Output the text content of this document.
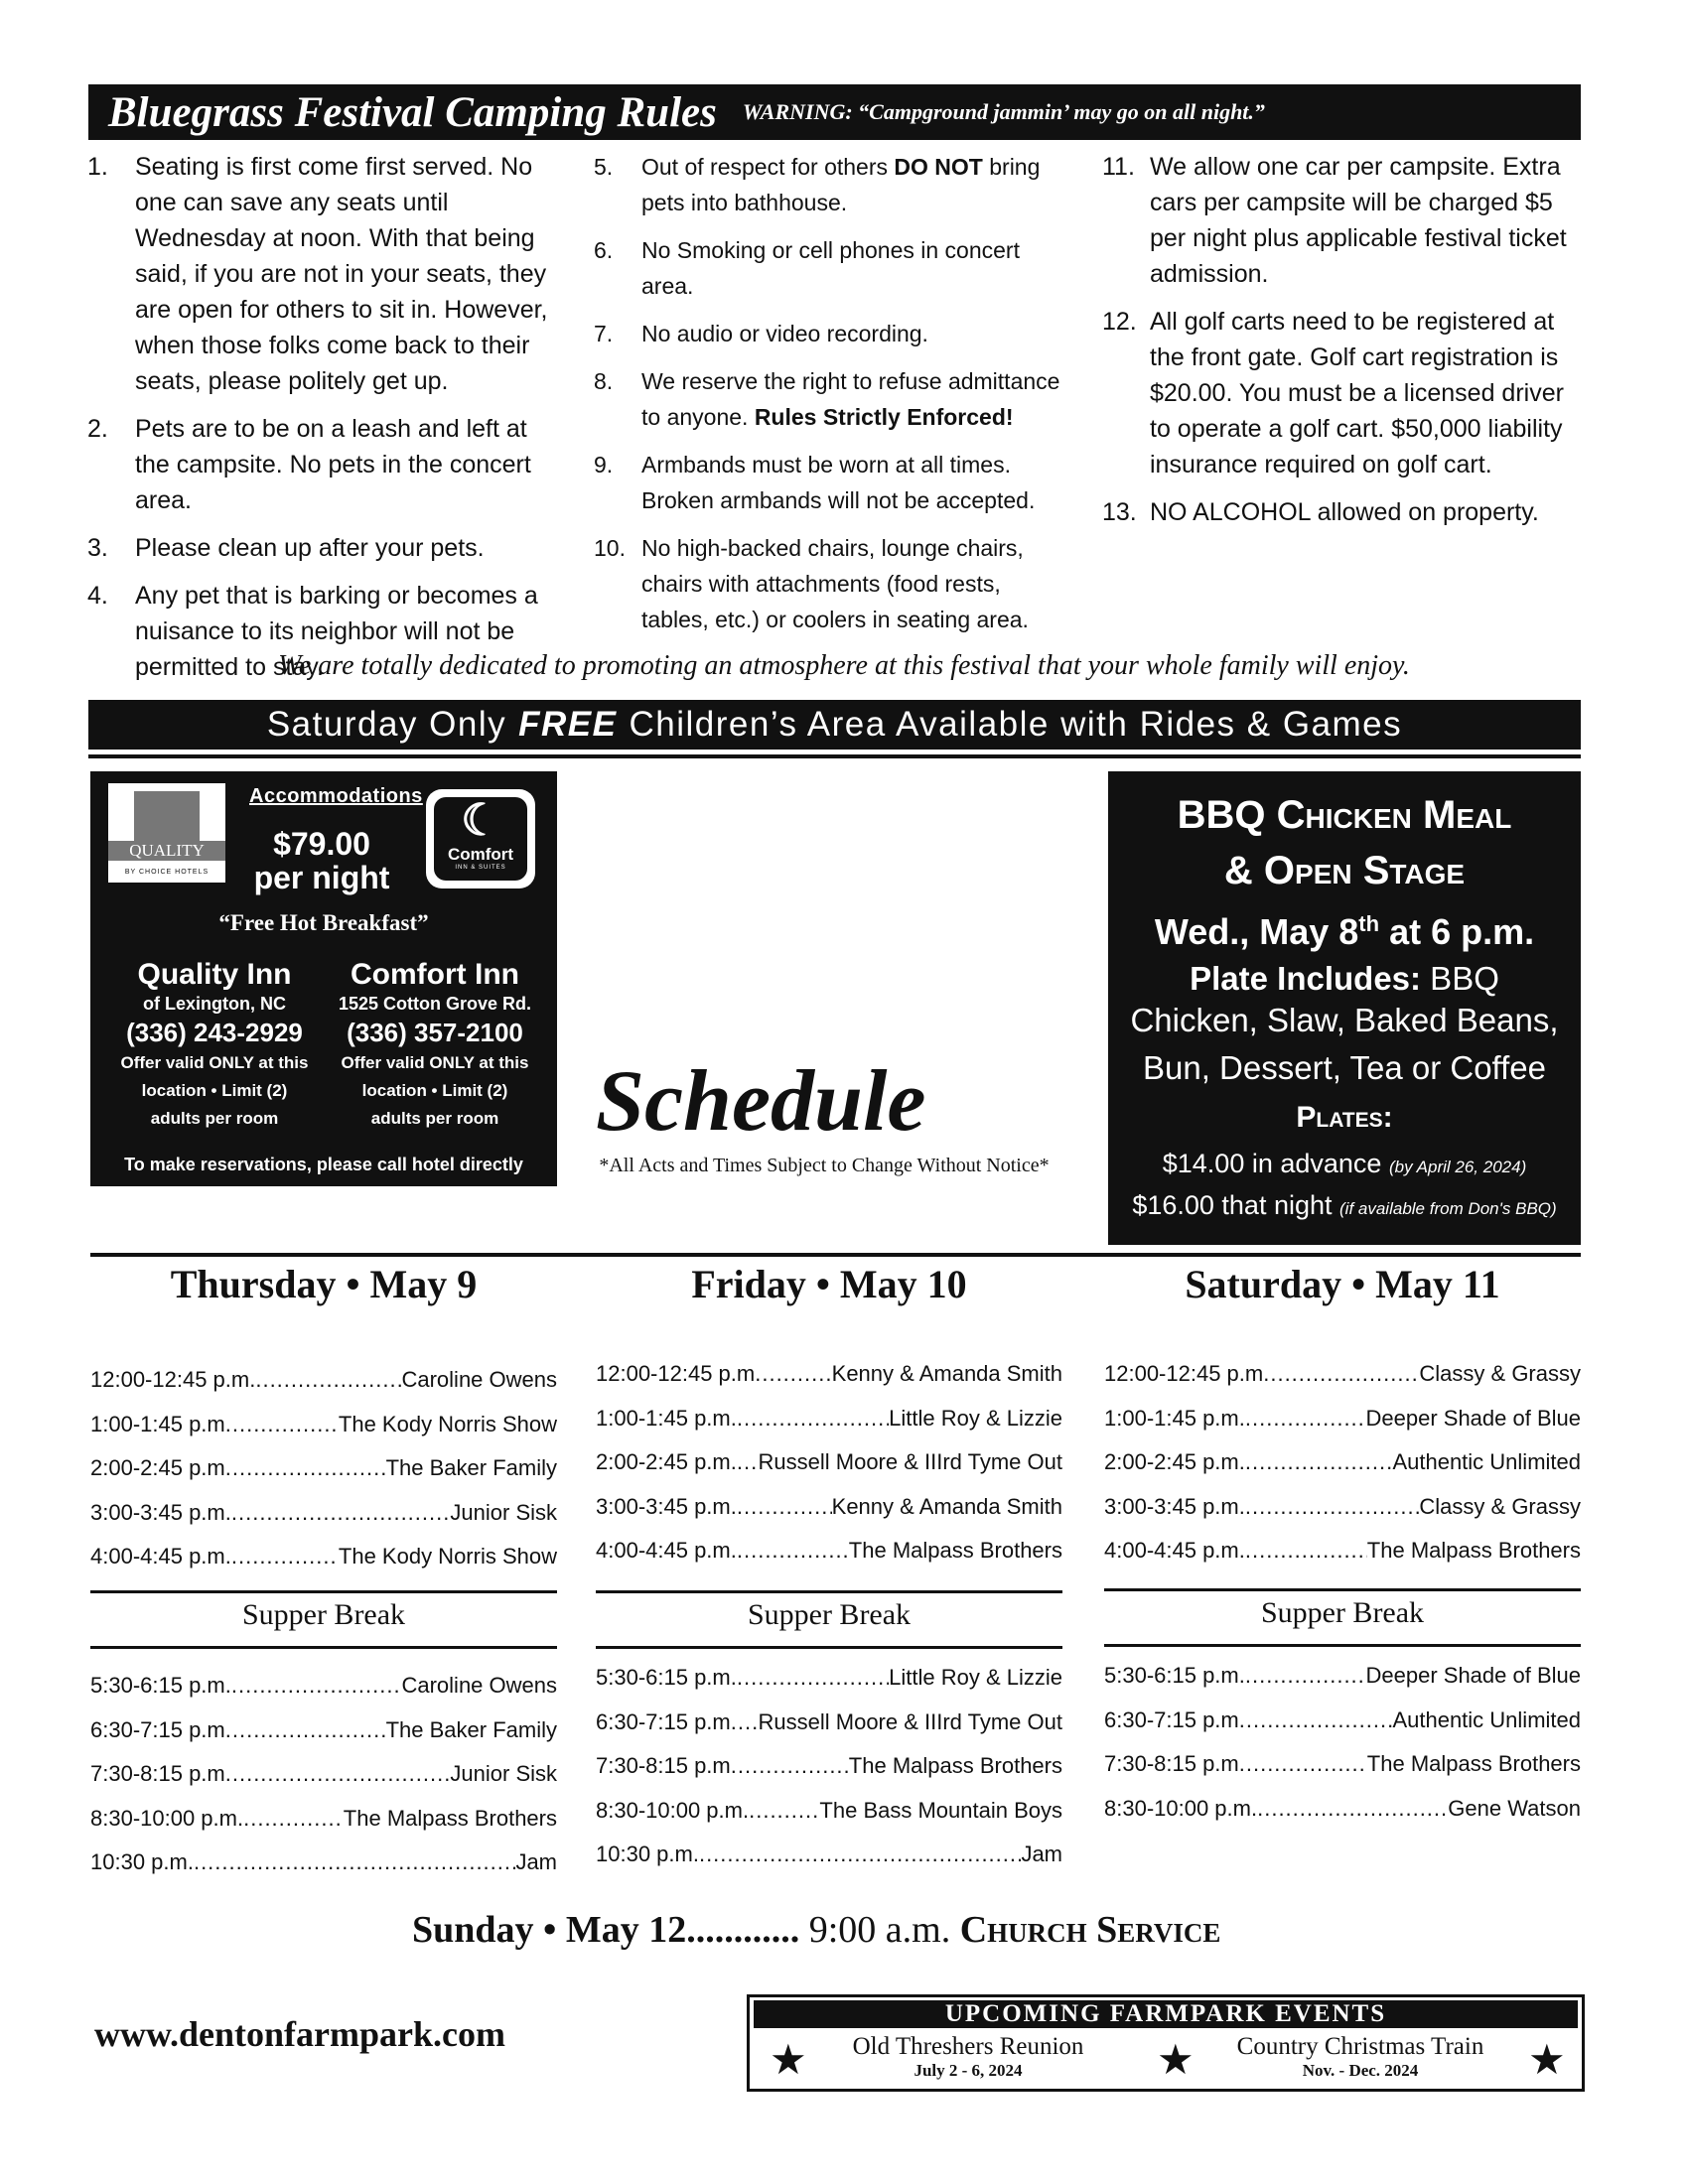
Bluegrass Festival Camping Rules WARNING: “Campground jammin’ may go on all night.”
1.	Seating is first come first served. No one can save any seats until Wednesday at noon. With that being said, if you are not in your seats, they are open for others to sit in. However, when those folks come back to their seats, please politely get up.
2.	Pets are to be on a leash and left at the campsite. No pets in the concert area.
3.	Please clean up after your pets.
4.	Any pet that is barking or becomes a nuisance to its neighbor will not be permitted to stay.
5.	Out of respect for others DO NOT bring pets into bathhouse.
6.	No Smoking or cell phones in concert area.
7.	No audio or video recording.
8.	We reserve the right to refuse admittance to anyone. Rules Strictly Enforced!
9.	Armbands must be worn at all times. Broken armbands will not be accepted.
10. No high-backed chairs, lounge chairs, chairs with attachments (food rests, tables, etc.) or coolers in seating area.
11. We allow one car per campsite. Extra cars per campsite will be charged $5 per night plus applicable festival ticket admission.
12. All golf carts need to be registered at the front gate. Golf cart registration is $20.00. You must be a licensed driver to operate a golf cart. $50,000 liability insurance required on golf cart.
13. NO ALCOHOL allowed on property.
We are totally dedicated to promoting an atmosphere at this festival that your whole family will enjoy.
Saturday Only FREE Children’s Area Available with Rides & Games
QUALITY
BY CHOICE HOTELS
Accommodations
$79.00
per night
☾
Comfort
INN & SUITES
“Free Hot Breakfast”
Quality Inn
of Lexington, NC
(336) 243-2929
Offer valid ONLY at this
location • Limit (2)
adults per room
Comfort Inn
1525 Cotton Grove Rd.
(336) 357-2100
Offer valid ONLY at this
location • Limit (2)
adults per room
To make reservations, please call hotel directly
Schedule
*All Acts and Times Subject to Change Without Notice*
BBQ Chicken Meal
& Open Stage
Wed., May 8th at 6 p.m.
Plate Includes: BBQ
Chicken, Slaw, Baked Beans,
Bun, Dessert, Tea or Coffee
Plates:
$14.00 in advance (by April 26, 2024)
$16.00 that night (if available from Don's BBQ)
Thursday • May 9
12:00-12:45 p.m. .....	Caroline Owens
1:00-1:45 p.m .....	The Kody Norris Show
2:00-2:45 p.m .....	The Baker Family
3:00-3:45 p.m. .....	Junior Sisk
4:00-4:45 p.m. .....	The Kody Norris Show
Supper Break
5:30-6:15 p.m. .....	Caroline Owens
6:30-7:15 p.m .....	The Baker Family
7:30-8:15 p.m .....	Junior Sisk
8:30-10:00 p.m. .....	The Malpass Brothers
10:30 p.m. .....	Jam
Friday • May 10
12:00-12:45 p.m .....	Kenny & Amanda Smith
1:00-1:45 p.m. .....	Little Roy & Lizzie
2:00-2:45 p.m. ..... Russell Moore & IIIrd Tyme Out
3:00-3:45 p.m. .....	Kenny & Amanda Smith
4:00-4:45 p.m. .....	The Malpass Brothers
Supper Break
5:30-6:15 p.m. .....	Little Roy & Lizzie
6:30-7:15 p.m ..... Russell Moore & IIIrd Tyme Out
7:30-8:15 p.m .....	The Malpass Brothers
8:30-10:00 p.m. .....	The Bass Mountain Boys
10:30 p.m. .....	Jam
Saturday • May 11
12:00-12:45 p.m .....	Classy & Grassy
1:00-1:45 p.m. .....	Deeper Shade of Blue
2:00-2:45 p.m. .....	Authentic Unlimited
3:00-3:45 p.m. .....	Classy & Grassy
4:00-4:45 p.m. .....	The Malpass Brothers
Supper Break
5:30-6:15 p.m. .....	Deeper Shade of Blue
6:30-7:15 p.m .....	Authentic Unlimited
7:30-8:15 p.m .....	The Malpass Brothers
8:30-10:00 p.m. .....	Gene Watson
Sunday • May 12............ 9:00 a.m. Church Service
www.dentonfarmpark.com
UPCOMING FARMPARK EVENTS
★	Old Threshers Reunion
July 2 - 6, 2024	★	Country Christmas Train
Nov. - Dec. 2024	★
